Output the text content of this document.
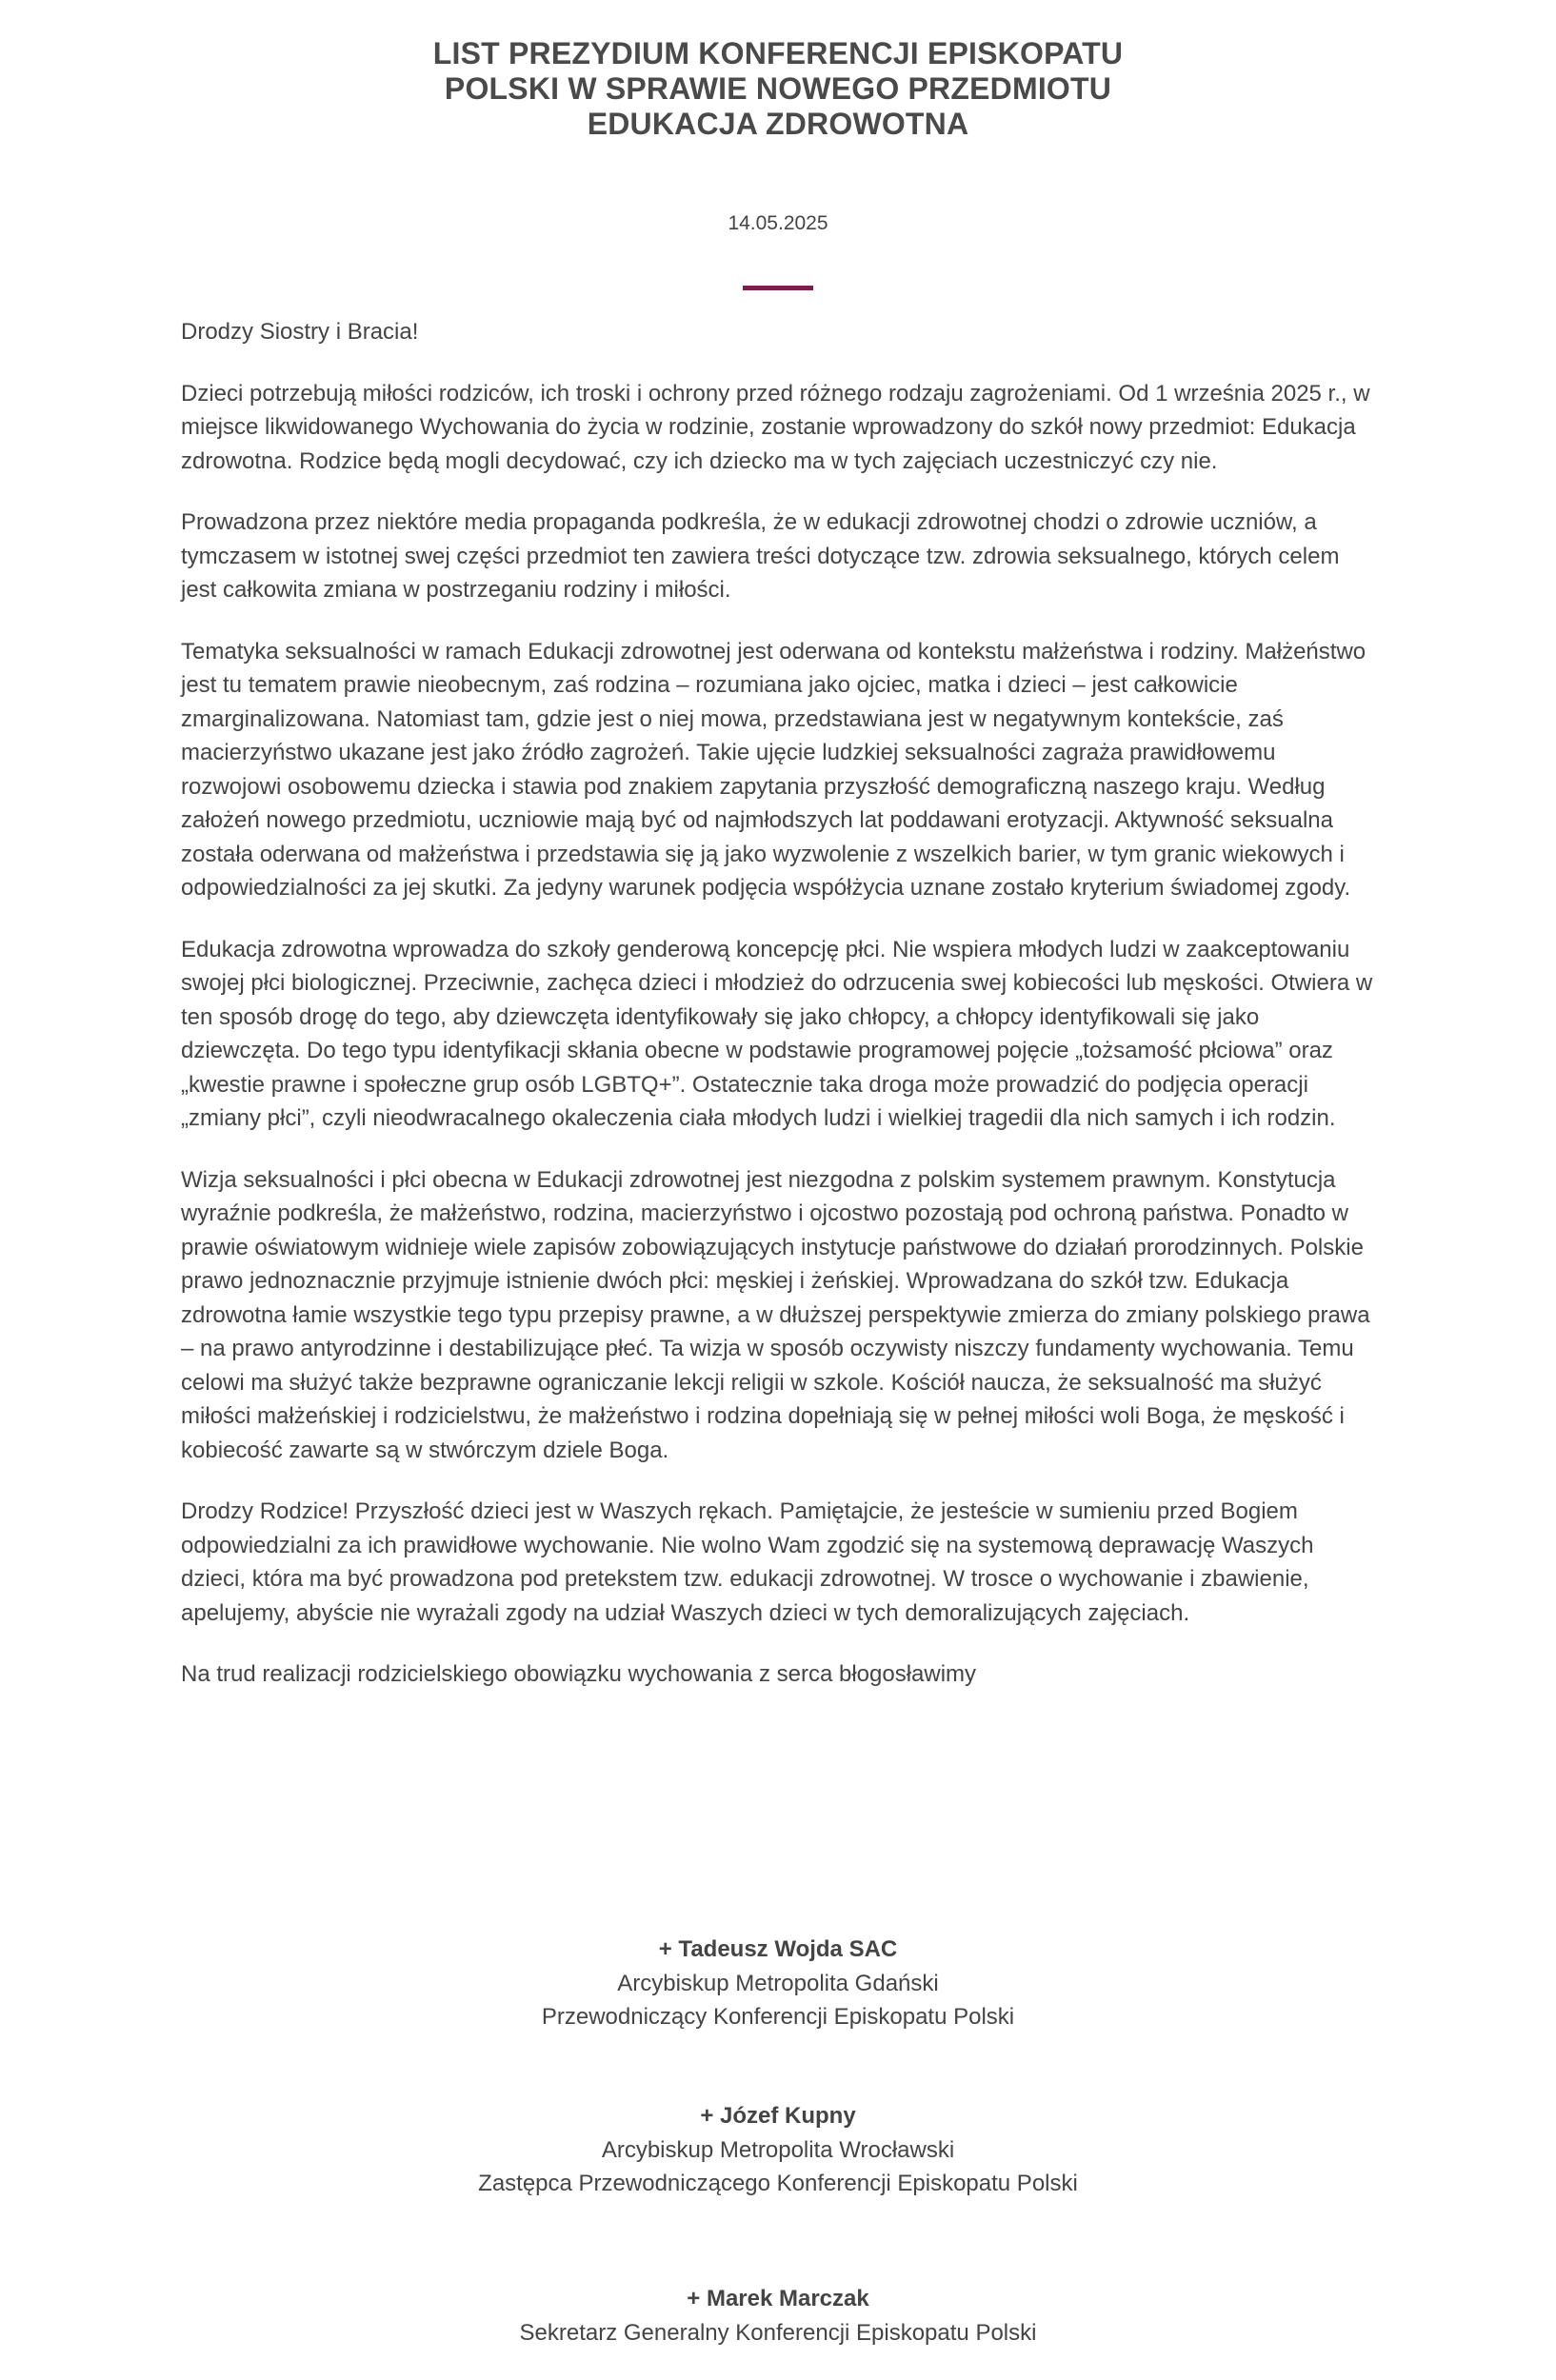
LIST PREZYDIUM KONFERENCJI EPISKOPATU
POLSKI W SPRAWIE NOWEGO PRZEDMIOTU
EDUKACJA ZDROWOTNA
14.05.2025

Drodzy Siostry i Bracia!

Dzieci potrzebują miłości rodziców, ich troski i ochrony przed różnego rodzaju zagrożeniami. Od 1 września 2025 r., w miejsce likwidowanego Wychowania do życia w rodzinie, zostanie wprowadzony do szkół nowy przedmiot: Edukacja zdrowotna. Rodzice będą mogli decydować, czy ich dziecko ma w tych zajęciach uczestniczyć czy nie.

Prowadzona przez niektóre media propaganda podkreśla, że w edukacji zdrowotnej chodzi o zdrowie uczniów, a tymczasem w istotnej swej części przedmiot ten zawiera treści dotyczące tzw. zdrowia seksualnego, których celem jest całkowita zmiana w postrzeganiu rodziny i miłości.

Tematyka seksualności w ramach Edukacji zdrowotnej jest oderwana od kontekstu małżeństwa i rodziny. Małżeństwo jest tu tematem prawie nieobecnym, zaś rodzina – rozumiana jako ojciec, matka i dzieci – jest całkowicie zmarginalizowana. Natomiast tam, gdzie jest o niej mowa, przedstawiana jest w negatywnym kontekście, zaś macierzyństwo ukazane jest jako źródło zagrożeń. Takie ujęcie ludzkiej seksualności zagraża prawidłowemu rozwojowi osobowemu dziecka i stawia pod znakiem zapytania przyszłość demograficzną naszego kraju. Według założeń nowego przedmiotu, uczniowie mają być od najmłodszych lat poddawani erotyzacji. Aktywność seksualna została oderwana od małżeństwa i przedstawia się ją jako wyzwolenie z wszelkich barier, w tym granic wiekowych i odpowiedzialności za jej skutki. Za jedyny warunek podjęcia współżycia uznane zostało kryterium świadomej zgody.

Edukacja zdrowotna wprowadza do szkoły genderową koncepcję płci. Nie wspiera młodych ludzi w zaakceptowaniu swojej płci biologicznej. Przeciwnie, zachęca dzieci i młodzież do odrzucenia swej kobiecości lub męskości. Otwiera w ten sposób drogę do tego, aby dziewczęta identyfikowały się jako chłopcy, a chłopcy identyfikowali się jako dziewczęta. Do tego typu identyfikacji skłania obecne w podstawie programowej pojęcie „tożsamość płciowa” oraz „kwestie prawne i społeczne grup osób LGBTQ+”. Ostatecznie taka droga może prowadzić do podjęcia operacji „zmiany płci”, czyli nieodwracalnego okaleczenia ciała młodych ludzi i wielkiej tragedii dla nich samych i ich rodzin.

Wizja seksualności i płci obecna w Edukacji zdrowotnej jest niezgodna z polskim systemem prawnym. Konstytucja wyraźnie podkreśla, że małżeństwo, rodzina, macierzyństwo i ojcostwo pozostają pod ochroną państwa. Ponadto w prawie oświatowym widnieje wiele zapisów zobowiązujących instytucje państwowe do działań prorodzinnych. Polskie prawo jednoznacznie przyjmuje istnienie dwóch płci: męskiej i żeńskiej. Wprowadzana do szkół tzw. Edukacja zdrowotna łamie wszystkie tego typu przepisy prawne, a w dłuższej perspektywie zmierza do zmiany polskiego prawa – na prawo antyrodzinne i destabilizujące płeć. Ta wizja w sposób oczywisty niszczy fundamenty wychowania. Temu celowi ma służyć także bezprawne ograniczanie lekcji religii w szkole. Kościół naucza, że seksualność ma służyć miłości małżeńskiej i rodzicielstwu, że małżeństwo i rodzina dopełniają się w pełnej miłości woli Boga, że męskość i kobiecość zawarte są w stwórczym dziele Boga.

Drodzy Rodzice! Przyszłość dzieci jest w Waszych rękach. Pamiętajcie, że jesteście w sumieniu przed Bogiem odpowiedzialni za ich prawidłowe wychowanie. Nie wolno Wam zgodzić się na systemową deprawację Waszych dzieci, która ma być prowadzona pod pretekstem tzw. edukacji zdrowotnej. W trosce o wychowanie i zbawienie, apelujemy, abyście nie wyrażali zgody na udział Waszych dzieci w tych demoralizujących zajęciach.

Na trud realizacji rodzicielskiego obowiązku wychowania z serca błogosławimy

+ Tadeusz Wojda SAC
Arcybiskup Metropolita Gdański
Przewodniczący Konferencji Episkopatu Polski
+ Józef Kupny
Arcybiskup Metropolita Wrocławski
Zastępca Przewodniczącego Konferencji Episkopatu Polski
+ Marek Marczak
Sekretarz Generalny Konferencji Episkopatu Polski
